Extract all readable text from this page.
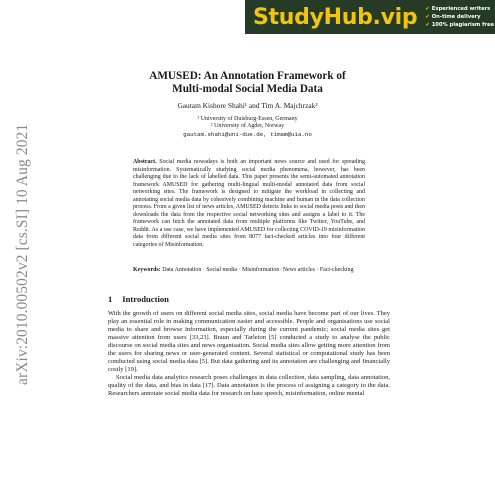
StudyHub.vip ✔ Experienced writers
✔ On-time delivery
✔ 100% plagiarism free
arXiv:2010.00502v2 [cs.SI] 10 Aug 2021
AMUSED: An Annotation Framework of
Multi-modal Social Media Data
Gautam Kishore Shahi¹ and Tim A. Majchrzak²
¹ University of Duisburg-Essen, Germany
² University of Agder, Norway
gautam.shahi@uni-due.de, timam@uia.no
Abstract. Social media nowadays is both an important news source and used for spreading misinformation. Systematically studying social media phenomena, however, has been challenging due to the lack of labelled data. This paper presents the semi-automated annotation framework AMUSED for gathering multi-lingual multi-modal annotated data from social networking sites. The framework is designed to mitigate the workload in collecting and annotating social media data by cohesively combining machine and human in the data collection process. From a given list of news articles, AMUSED detects links to social media posts and then downloads the data from the respective social networking sites and assigns a label to it. The framework can fetch the annotated data from multiple platforms like Twitter, YouTube, and Reddit. As a use case, we have implemented AMUSED for collecting COVID-19 misinformation data from different social media sites from 8077 fact-checked articles into four different categories of Misinformation.
Keywords: Data Annotation · Social media · Misinformation· News articles · Fact-checking
1 Introduction

With the growth of users on different social media sites, social media have become part of our lives. They play an essential role in making communication easier and accessible. People and organisations use social media to share and browse information, especially during the current pandemic; social media sites get massive attention from users [33,23]. Braun and Tarleton [5] conducted a study to analyse the public discourse on social media sites and news organisation. Social media sites allow getting more attention from the users for sharing news or user-generated content. Several statistical or computational study has been conducted using social media data [5]. But data gathering and its annotation are challenging and financially costly [19].

Social media data analytics research poses challenges in data collection, data sampling, data annotation, quality of the data, and bias in data [17]. Data annotation is the process of assigning a category to the data. Researchers annotate social media data for research on hate speech, misinformation, online mental
